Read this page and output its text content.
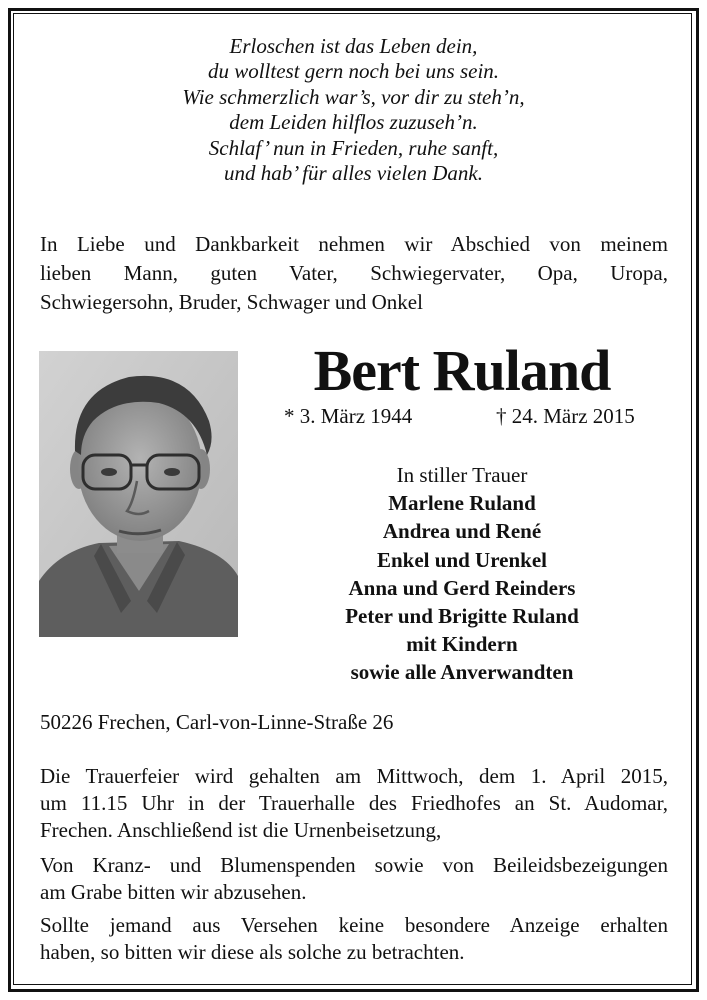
Erloschen ist das Leben dein,
du wolltest gern noch bei uns sein.
Wie schmerzlich war’s, vor dir zu steh’n,
dem Leiden hilflos zuzuseh’n.
Schlaf’ nun in Frieden, ruhe sanft,
und hab’ für alles vielen Dank.
In Liebe und Dankbarkeit nehmen wir Abschied von meinem
lieben Mann, guten Vater, Schwiegervater, Opa, Uropa,
Schwiegersohn, Bruder, Schwager und Onkel
Bert Ruland
* 3. März 1944	† 24. März 2015
In stiller Trauer
Marlene Ruland
Andrea und René
Enkel und Urenkel
Anna und Gerd Reinders
Peter und Brigitte Ruland
mit Kindern
sowie alle Anverwandten
50226 Frechen, Carl-von-Linne-Straße 26
Die Trauerfeier wird gehalten am Mittwoch, dem 1. April 2015,
um 11.15 Uhr in der Trauerhalle des Friedhofes an St. Audomar,
Frechen. Anschließend ist die Urnenbeisetzung,
Von Kranz- und Blumenspenden sowie von Beileidsbezeigungen
am Grabe bitten wir abzusehen.
Sollte jemand aus Versehen keine besondere Anzeige erhalten
haben, so bitten wir diese als solche zu betrachten.
